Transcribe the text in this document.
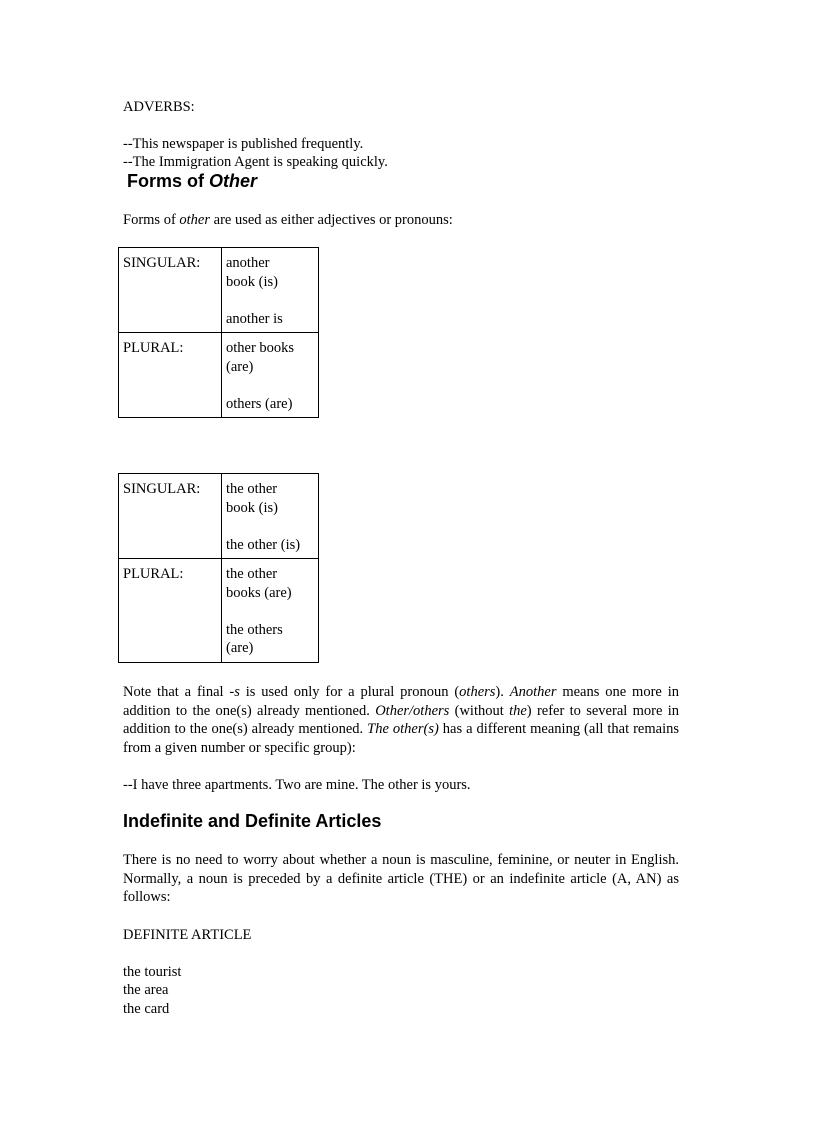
ADVERBS:
--This newspaper is published frequently.
--The Immigration Agent is speaking quickly.
Forms of Other
Forms of other are used as either adjectives or pronouns:
SINGULAR:	another
book (is)
another is

PLURAL:	other books
(are)
others (are)
SINGULAR:	the other
book (is)
the other (is)

PLURAL:	the other
books (are)
the others
(are)
Note that a final -s is used only for a plural pronoun (others). Another means one more in addition to the one(s) already mentioned. Other/others (without the) refer to several more in addition to the one(s) already mentioned. The other(s) has a different meaning (all that remains from a given number or specific group):
--I have three apartments. Two are mine. The other is yours.
Indefinite and Definite Articles
There is no need to worry about whether a noun is masculine, feminine, or neuter in English. Normally, a noun is preceded by a definite article (THE) or an indefinite article (A, AN) as follows:
DEFINITE ARTICLE
the tourist
the area
the card
